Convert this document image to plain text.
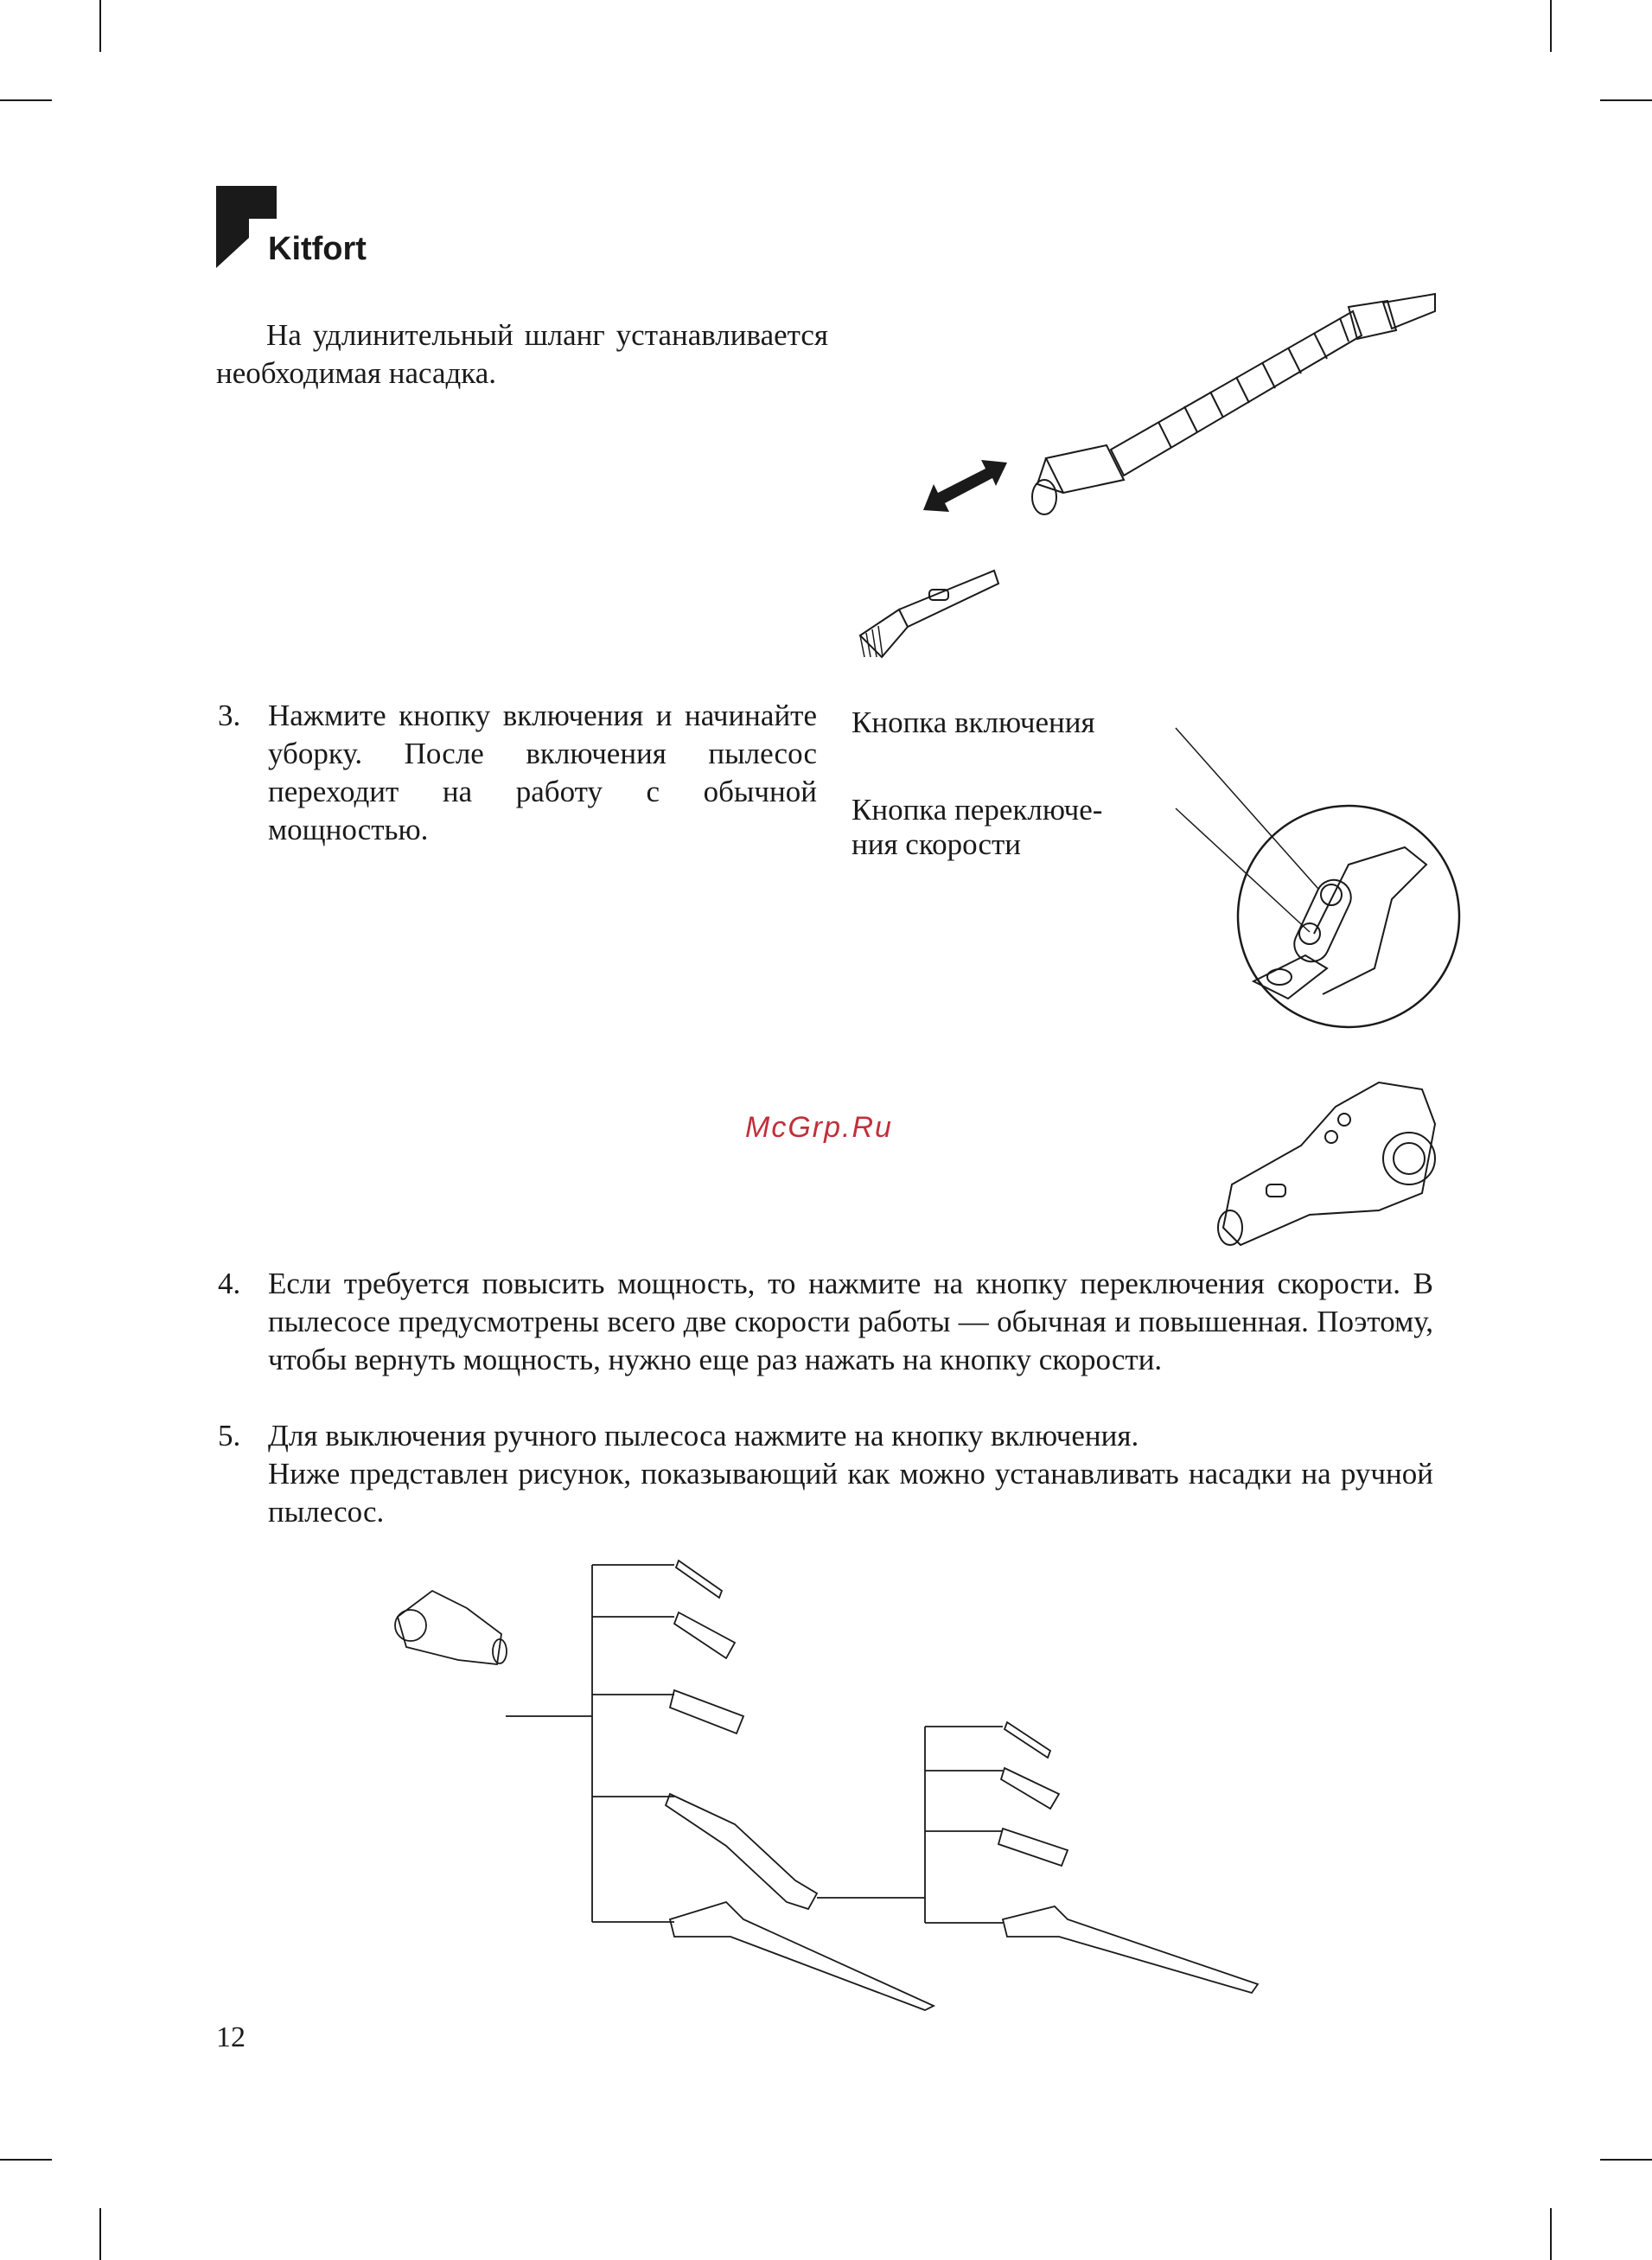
Kitfort
На удлинительный шланг устанавливается необходимая насадка.
3. Нажмите кнопку включения и начинайте уборку. После включения пылесос переходит на работу с обычной мощностью.
Кнопка включения
Кнопка переключе-
ния скорости
McGrp.Ru
4. Если требуется повысить мощность, то нажмите на кнопку переключения скорости. В пылесосе предусмотрены всего две скорости работы — обычная и повышенная. Поэтому, чтобы вернуть мощность, нужно еще раз нажать на кнопку скорости.
5. Для выключения ручного пылесоса нажмите на кнопку включения.
Ниже представлен рисунок, показывающий как можно устанавливать насадки на ручной пылесос.
12
